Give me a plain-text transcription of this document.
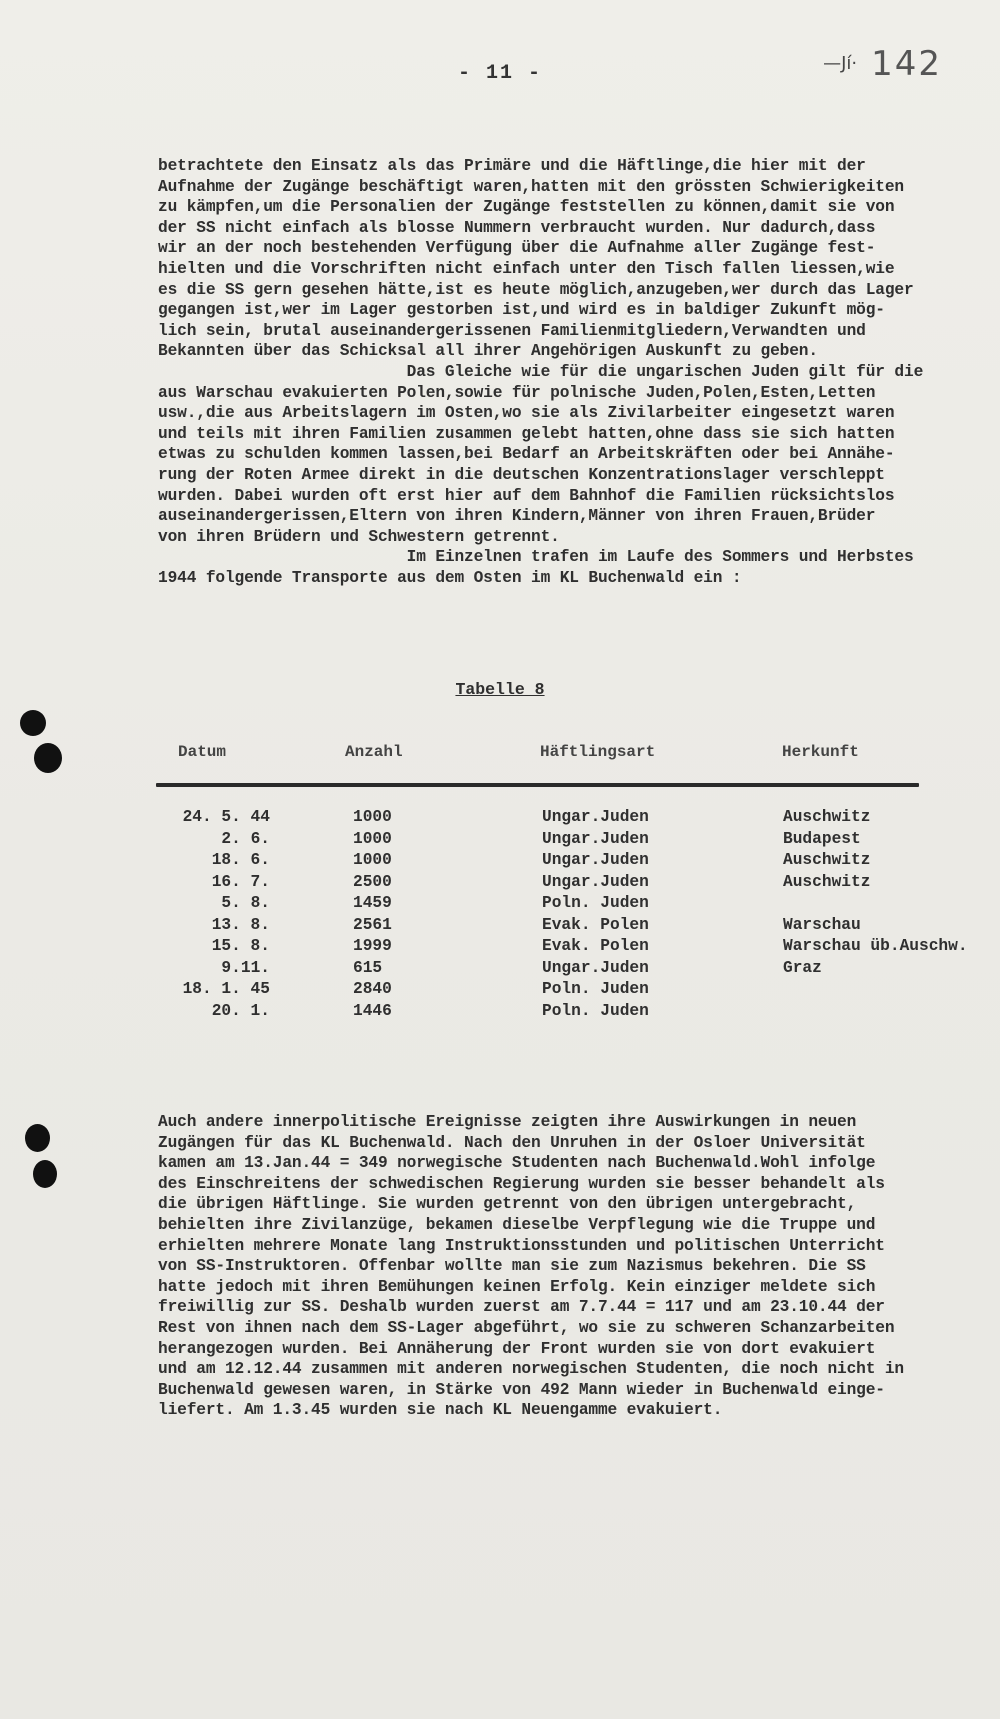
- 11 -	—Jí· 142
betrachtete den Einsatz als das Primäre und die Häftlinge,die hier mit der
Aufnahme der Zugänge beschäftigt waren,hatten mit den grössten Schwierigkeiten
zu kämpfen,um die Personalien der Zugänge feststellen zu können,damit sie von
der SS nicht einfach als blosse Nummern verbraucht wurden. Nur dadurch,dass
wir an der noch bestehenden Verfügung über die Aufnahme aller Zugänge fest-
hielten und die Vorschriften nicht einfach unter den Tisch fallen liessen,wie
es die SS gern gesehen hätte,ist es heute möglich,anzugeben,wer durch das Lager
gegangen ist,wer im Lager gestorben ist,und wird es in baldiger Zukunft mög-
lich sein, brutal auseinandergerissenen Familienmitgliedern,Verwandten und
Bekannten über das Schicksal all ihrer Angehörigen Auskunft zu geben.
Das Gleiche wie für die ungarischen Juden gilt für die
aus Warschau evakuierten Polen,sowie für polnische Juden,Polen,Esten,Letten
usw.,die aus Arbeitslagern im Osten,wo sie als Zivilarbeiter eingesetzt waren
und teils mit ihren Familien zusammen gelebt hatten,ohne dass sie sich hatten
etwas zu schulden kommen lassen,bei Bedarf an Arbeitskräften oder bei Annähe-
rung der Roten Armee direkt in die deutschen Konzentrationslager verschleppt
wurden. Dabei wurden oft erst hier auf dem Bahnhof die Familien rücksichtslos
auseinandergerissen,Eltern von ihren Kindern,Männer von ihren Frauen,Brüder
von ihren Brüdern und Schwestern getrennt.
Im Einzelnen trafen im Laufe des Sommers und Herbstes
1944 folgende Transporte aus dem Osten im KL Buchenwald ein :
Tabelle 8
Datum	Anzahl	Häftlingsart	Herkunft
24. 5. 44	1000	Ungar.Juden	Auschwitz
2. 6.	1000	Ungar.Juden	Budapest
18. 6.	1000	Ungar.Juden	Auschwitz
16. 7.	2500	Ungar.Juden	Auschwitz
5. 8.	1459	Poln. Juden
13. 8.	2561	Evak. Polen	Warschau
15. 8.	1999	Evak. Polen	Warschau üb.Auschw.
9.11.	615	Ungar.Juden	Graz
18. 1. 45	2840	Poln. Juden
20. 1.	1446	Poln. Juden
Auch andere innerpolitische Ereignisse zeigten ihre Auswirkungen in neuen
Zugängen für das KL Buchenwald. Nach den Unruhen in der Osloer Universität
kamen am 13.Jan.44 = 349 norwegische Studenten nach Buchenwald.Wohl infolge
des Einschreitens der schwedischen Regierung wurden sie besser behandelt als
die übrigen Häftlinge. Sie wurden getrennt von den übrigen untergebracht,
behielten ihre Zivilanzüge, bekamen dieselbe Verpflegung wie die Truppe und
erhielten mehrere Monate lang Instruktionsstunden und politischen Unterricht
von SS-Instruktoren. Offenbar wollte man sie zum Nazismus bekehren. Die SS
hatte jedoch mit ihren Bemühungen keinen Erfolg. Kein einziger meldete sich
freiwillig zur SS. Deshalb wurden zuerst am 7.7.44 = 117 und am 23.10.44 der
Rest von ihnen nach dem SS-Lager abgeführt, wo sie zu schweren Schanzarbeiten
herangezogen wurden. Bei Annäherung der Front wurden sie von dort evakuiert
und am 12.12.44 zusammen mit anderen norwegischen Studenten, die noch nicht in
Buchenwald gewesen waren, in Stärke von 492 Mann wieder in Buchenwald einge-
liefert. Am 1.3.45 wurden sie nach KL Neuengamme evakuiert.
